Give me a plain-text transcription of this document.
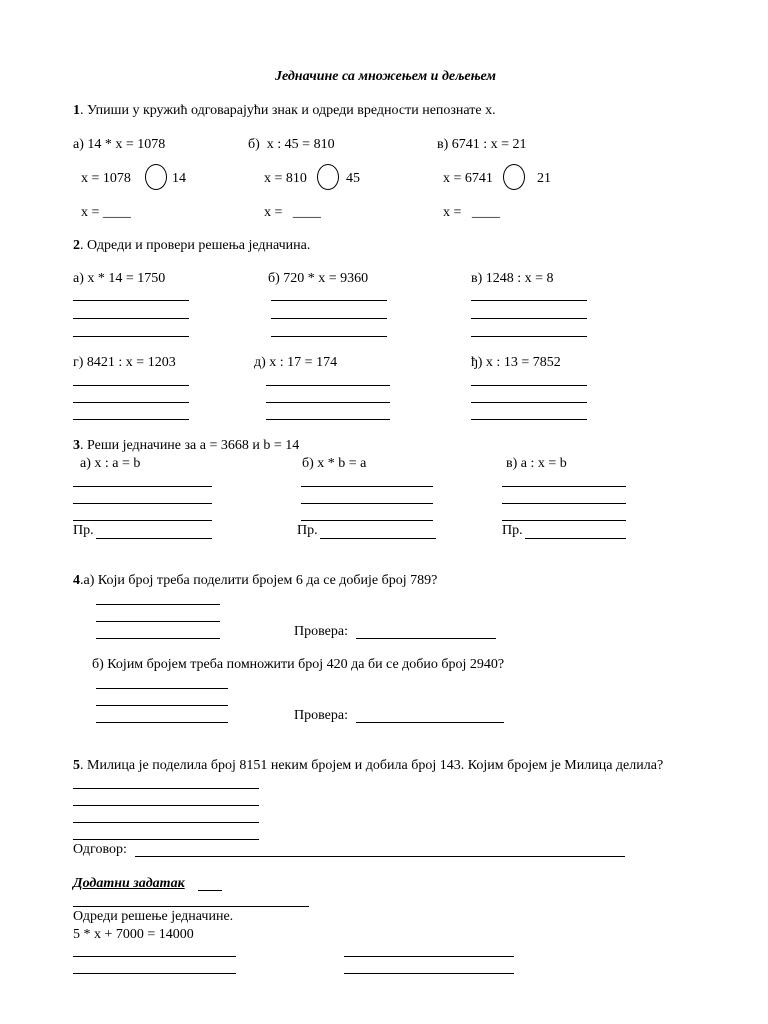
Једначине са множењем и дељењем
1. Упиши у кружић одговарајући знак и одреди вредности непознате x.
а) 14 * x = 1078	б)  x : 45 = 810	в) 6741 : x = 21
x = 1078	14	x = 810	45	x = 6741	21
x = ____	x =   ____	x =   ____
2. Одреди и провери решења једначина.
а) x * 14 = 1750	б) 720 * x = 9360	в) 1248 : x = 8
г) 8421 : x = 1203	д) x : 17 = 174	ђ) x : 13 = 7852
3. Реши једначине за a = 3668 и b = 14
а) x : a = b	б) x * b = a	в) a : x = b
Пр.	Пр.	Пр.
4.а) Који број треба поделити бројем 6 да се добије број 789?
Провера:
б) Којим бројем треба помножити број 420 да би се добио број 2940?
Провера:
5. Милица је поделила број 8151 неким бројем и добила број 143. Којим бројем је Милица делила?
Одговор:
Додатни задатак
Одреди решење једначине.
5 * x + 7000 = 14000
